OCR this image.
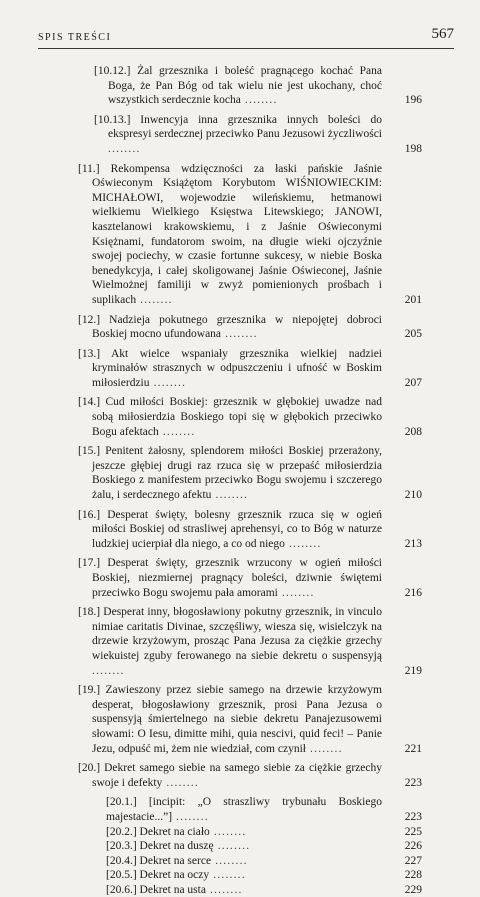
SPIS TREŚCI	567
[10.12.] Żal grzesznika i boleść pragnącego kochać Pana Boga, że Pan Bóg od tak wielu nie jest ukochany, choć wszystkich serdecznie kocha ........	196
[10.13.] Inwencyja inna grzesznika innych boleści do ekspresyi serdecznej przeciwko Panu Jezusowi życzliwości ........	198
[11.] Rekompensa wdzięczności za łaski pańskie Jaśnie Oświeconym Książętom Korybutom WIŚNIOWIECKIM: MICHAŁOWI, wojewodzie wileńskiemu, hetmanowi wielkiemu Wielkiego Księstwa Litewskiego; JANOWI, kasztelanowi krakowskiemu, i z Jaśnie Oświeconymi Księżnami, fundatorom swoim, na długie wieki ojczyźnie swojej pociechy, w czasie fortunne sukcesy, w niebie Boska benedykcyja, i całej skoligowanej Jaśnie Oświeconej, Jaśnie Wielmożnej familiji w zwyż pomienionych prośbach i suplikach ........	201
[12.] Nadzieja pokutnego grzesznika w niepojętej dobroci Boskiej mocno ufundowana ........	205
[13.] Akt wielce wspaniały grzesznika wielkiej nadziei kryminałów strasznych w odpuszczeniu i ufność w Boskim miłosierdziu ........	207
[14.] Cud miłości Boskiej: grzesznik w głębokiej uwadze nad sobą miłosierdzia Boskiego topi się w głębokich przeciwko Bogu afektach ........	208
[15.] Penitent żałosny, splendorem miłości Boskiej przerażony, jeszcze głębiej drugi raz rzuca się w przepaść miłosierdzia Boskiego z manifestem przeciwko Bogu swojemu i szczerego żalu, i serdecznego afektu ........	210
[16.] Desperat święty, bolesny grzesznik rzuca się w ogień miłości Boskiej od strasliwej aprehensyi, co to Bóg w naturze ludzkiej ucierpiał dla niego, a co od niego ........	213
[17.] Desperat święty, grzesznik wrzucony w ogień miłości Boskiej, niezmiernej pragnący boleści, dziwnie świętemi przeciwko Bogu swojemu pała amorami ........	216
[18.] Desperat inny, błogosławiony pokutny grzesznik, in vinculo nimiae caritatis Divinae, szczęśliwy, wiesza się, wisielczyk na drzewie krzyżowym, prosząc Pana Jezusa za ciężkie grzechy wiekuistej zguby ferowanego na siebie dekretu o suspensyją ........	219
[19.] Zawieszony przez siebie samego na drzewie krzyżowym desperat, błogosławiony grzesznik, prosi Pana Jezusa o suspensyją śmiertelnego na siebie dekretu Panajezusowemi słowami: O Iesu, dimitte mihi, quia nescivi, quid feci! – Panie Jezu, odpuść mi, żem nie wiedział, com czynił ........	221
[20.] Dekret samego siebie na samego siebie za ciężkie grzechy swoje i defekty ........	223
[20.1.] [incipit: „O straszliwy trybunału Boskiego majestacie...”] ........	223
[20.2.] Dekret na ciało ........	225
[20.3.] Dekret na duszę ........	226
[20.4.] Dekret na serce ........	227
[20.5.] Dekret na oczy ........	228
[20.6.] Dekret na usta ........	229
